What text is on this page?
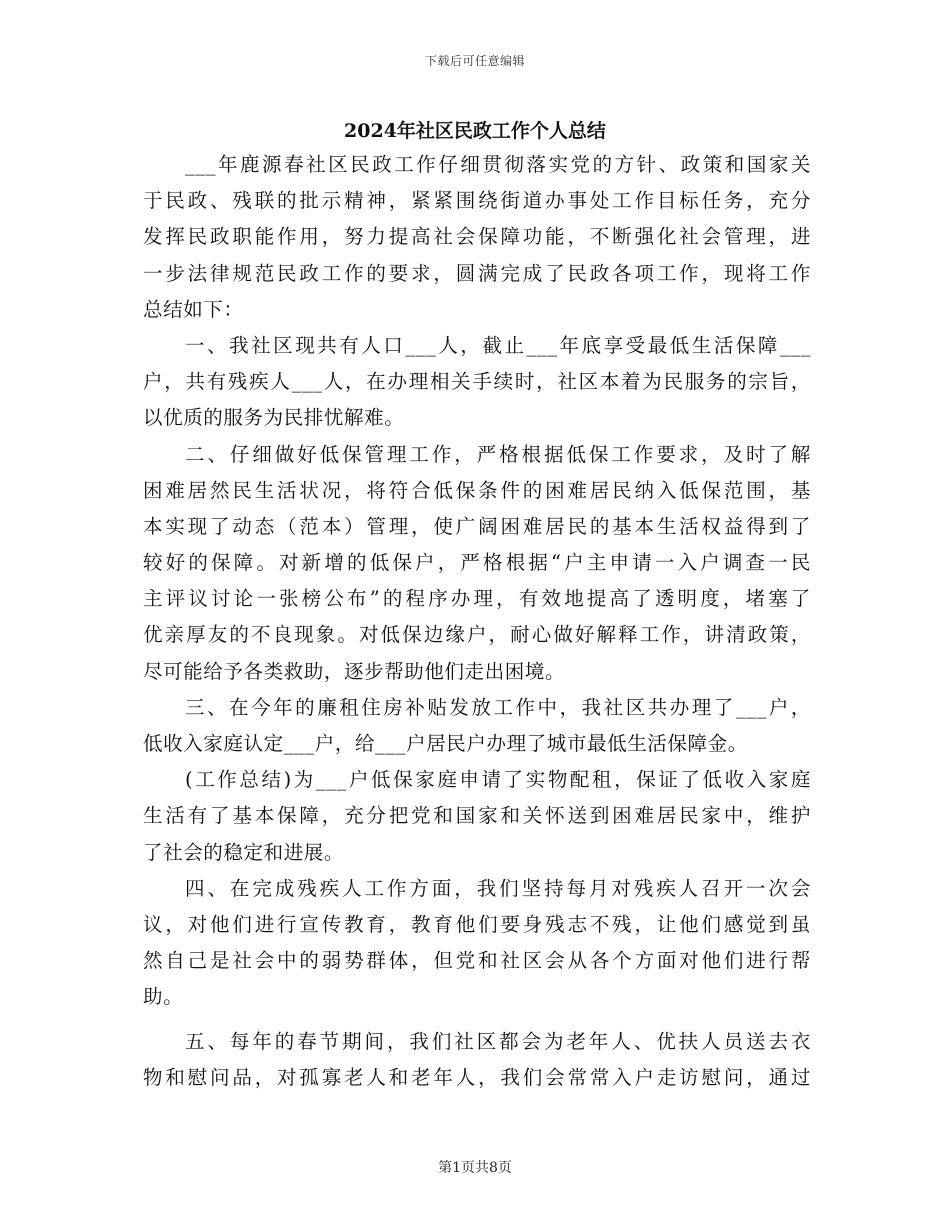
下载后可任意编辑
2024年社区民政工作个人总结
___年鹿源春社区民政工作仔细贯彻落实党的方针、政策和国家关
于民政、残联的批示精神，紧紧围绕街道办事处工作目标任务，充分
发挥民政职能作用，努力提高社会保障功能，不断强化社会管理，进
一步法律规范民政工作的要求，圆满完成了民政各项工作，现将工作
总结如下：
一、我社区现共有人口___人，截止___年底享受最低生活保障___
户，共有残疾人___人，在办理相关手续时，社区本着为民服务的宗旨，
以优质的服务为民排忧解难。
二、仔细做好低保管理工作，严格根据低保工作要求，及时了解
困难居然民生活状况，将符合低保条件的困难居民纳入低保范围，基
本实现了动态（范本）管理，使广阔困难居民的基本生活权益得到了
较好的保障。对新增的低保户，严格根据“户主申请一入户调查一民
主评议讨论一张榜公布”的程序办理，有效地提高了透明度，堵塞了
优亲厚友的不良现象。对低保边缘户，耐心做好解释工作，讲清政策，
尽可能给予各类救助，逐步帮助他们走出困境。
三、在今年的廉租住房补贴发放工作中，我社区共办理了___户，
低收入家庭认定___户，给___户居民户办理了城市最低生活保障金。
(工作总结)为___户低保家庭申请了实物配租，保证了低收入家庭
生活有了基本保障，充分把党和国家和关怀送到困难居民家中，维护
了社会的稳定和进展。
四、在完成残疾人工作方面，我们坚持每月对残疾人召开一次会
议，对他们进行宣传教育，教育他们要身残志不残，让他们感觉到虽
然自己是社会中的弱势群体，但党和社区会从各个方面对他们进行帮
助。
五、每年的春节期间，我们社区都会为老年人、优扶人员送去衣
物和慰问品，对孤寡老人和老年人，我们会常常入户走访慰问，通过
第1页共8页
